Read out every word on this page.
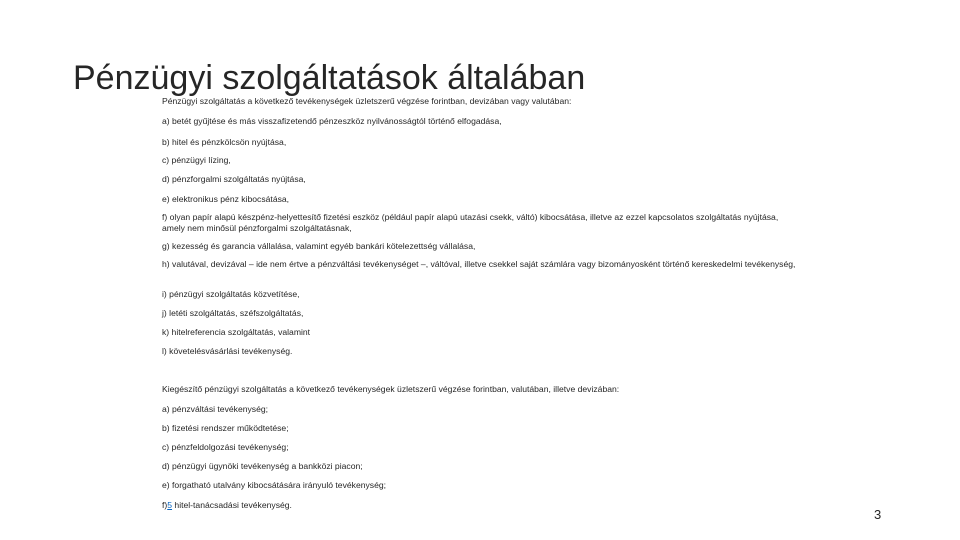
Pénzügyi szolgáltatások általában

Pénzügyi szolgáltatás a következő tevékenységek üzletszerű végzése forintban, devizában vagy valutában:

a) betét gyűjtése és más visszafizetendő pénzeszköz nyilvánosságtól történő elfogadása,

b) hitel és pénzkölcsön nyújtása,

c) pénzügyi lízing,

d) pénzforgalmi szolgáltatás nyújtása,

e) elektronikus pénz kibocsátása,

f) olyan papír alapú készpénz-helyettesítő fizetési eszköz (például papír alapú utazási csekk, váltó) kibocsátása, illetve az ezzel kapcsolatos szolgáltatás nyújtása, amely nem minősül pénzforgalmi szolgáltatásnak,

g) kezesség és garancia vállalása, valamint egyéb bankári kötelezettség vállalása,

h) valutával, devizával – ide nem értve a pénzváltási tevékenységet –, váltóval, illetve csekkel saját számlára vagy bizományosként történő kereskedelmi tevékenység,

i) pénzügyi szolgáltatás közvetítése,

j) letéti szolgáltatás, széfszolgáltatás,

k) hitelreferencia szolgáltatás, valamint

l) követelésvásárlási tevékenység.

Kiegészítő pénzügyi szolgáltatás a következő tevékenységek üzletszerű végzése forintban, valutában, illetve devizában:

a) pénzváltási tevékenység;

b) fizetési rendszer működtetése;

c) pénzfeldolgozási tevékenység;

d) pénzügyi ügynöki tevékenység a bankközi piacon;

e) forgatható utalvány kibocsátására irányuló tevékenység;

f)5 hitel-tanácsadási tevékenység.

3
